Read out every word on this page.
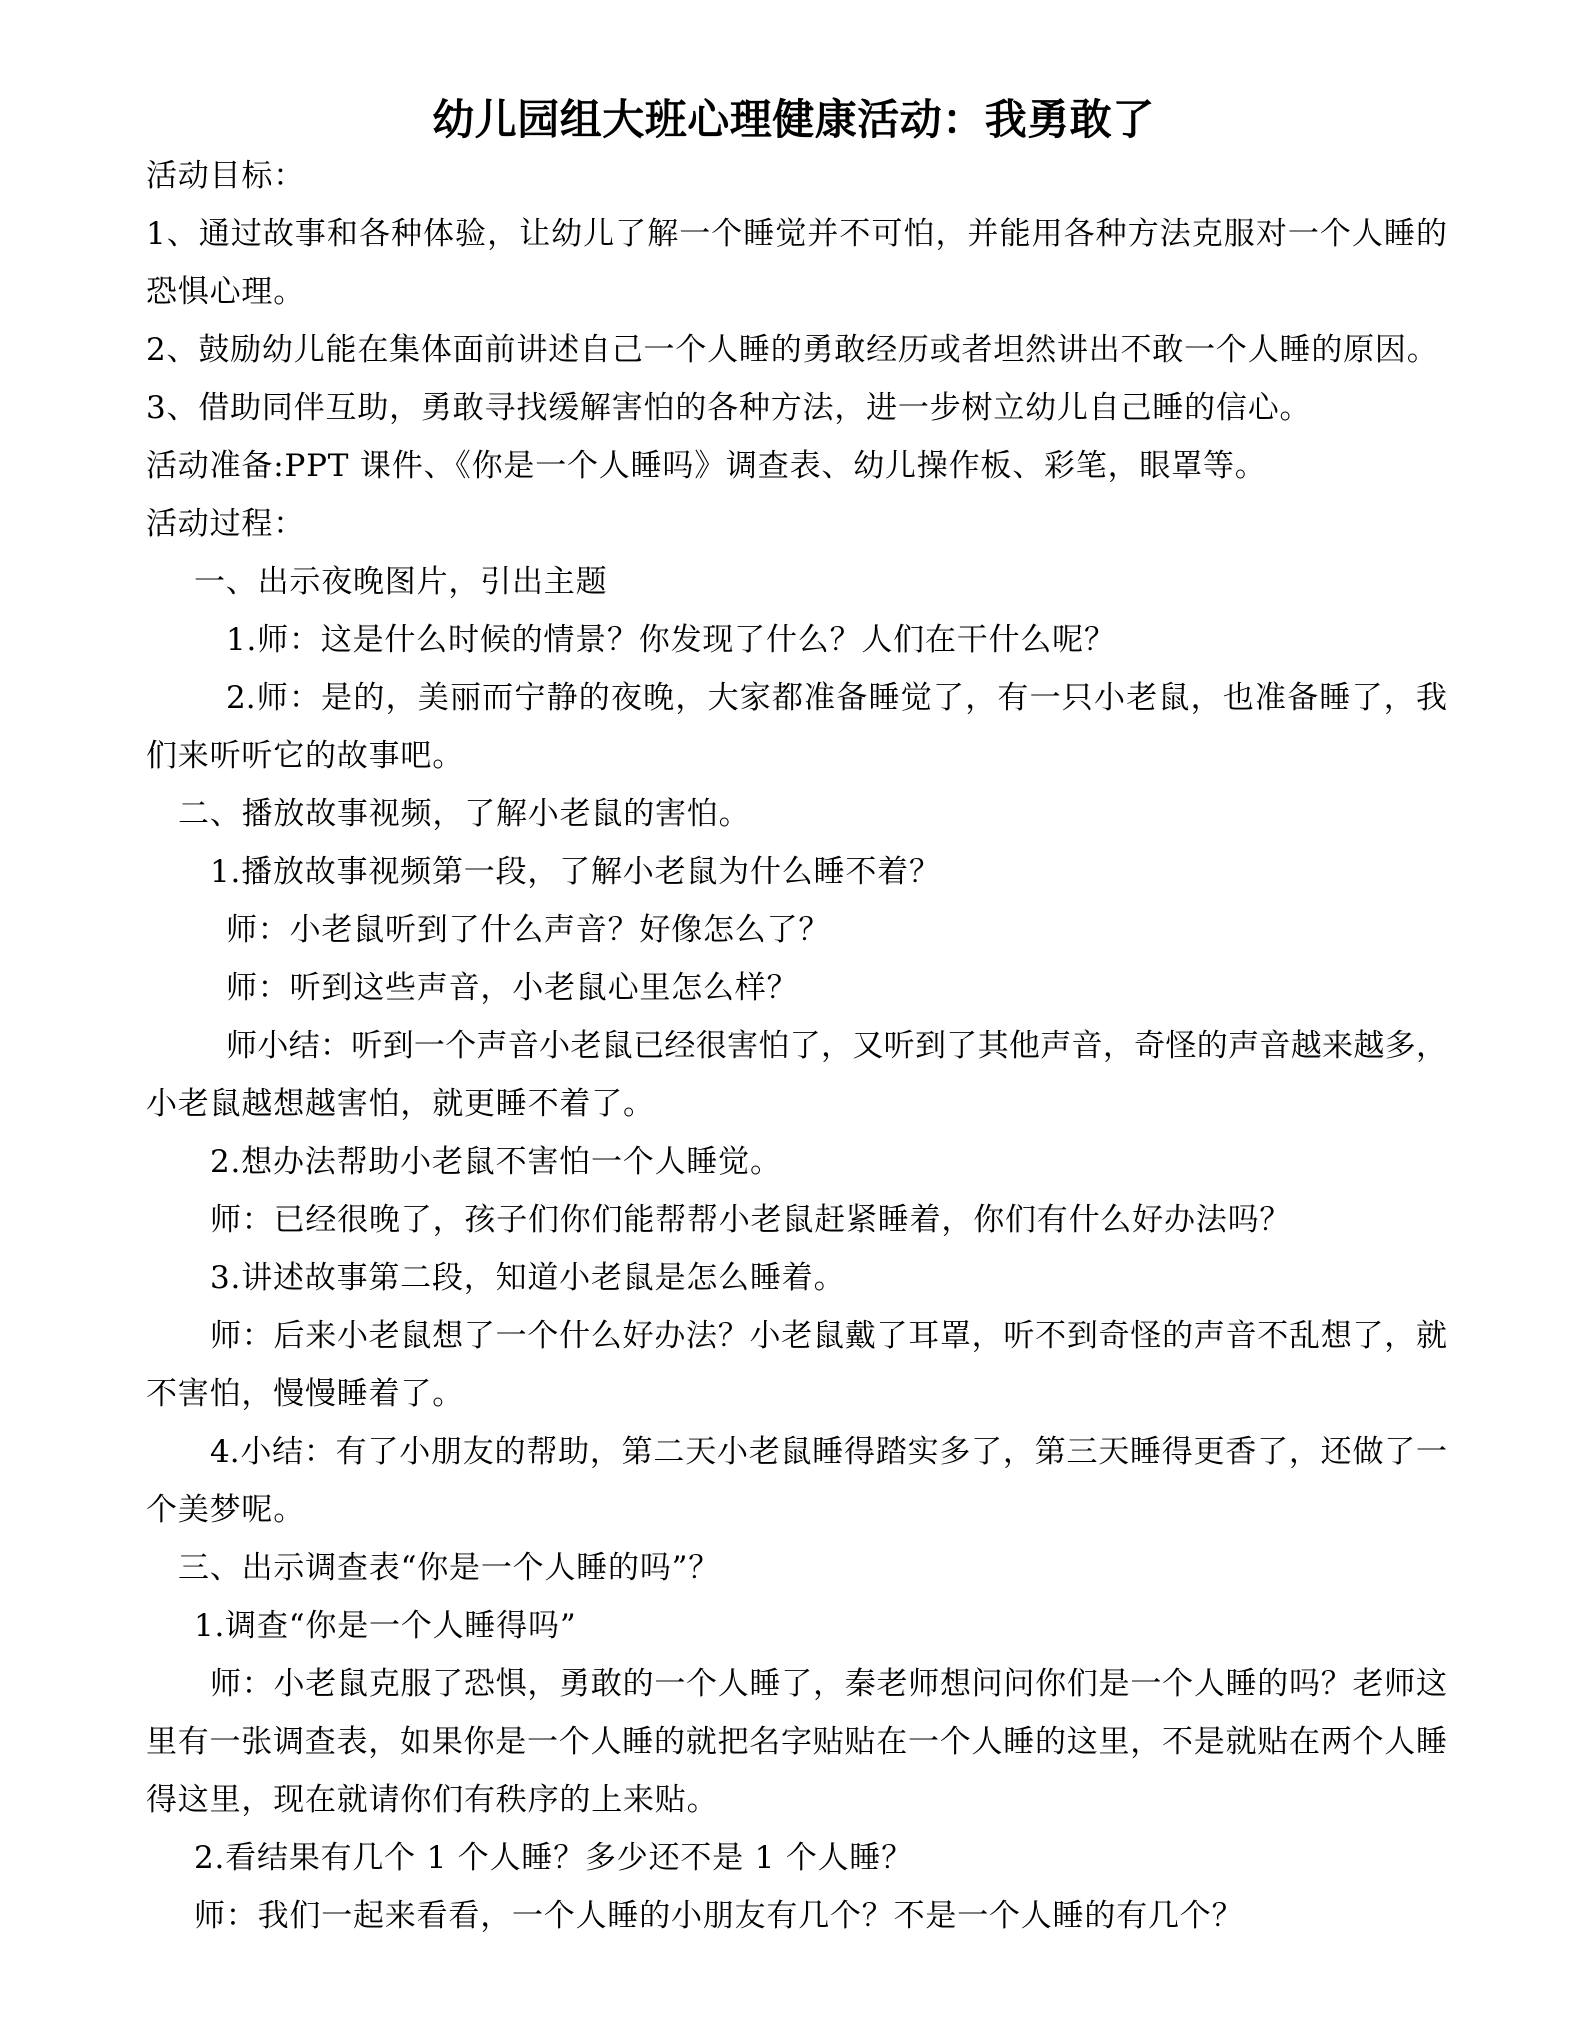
幼儿园组大班心理健康活动：我勇敢了
活动目标：
1、通过故事和各种体验，让幼儿了解一个睡觉并不可怕，并能用各种方法克服对一个人睡的
恐惧心理。
2、鼓励幼儿能在集体面前讲述自己一个人睡的勇敢经历或者坦然讲出不敢一个人睡的原因。
3、借助同伴互助，勇敢寻找缓解害怕的各种方法，进一步树立幼儿自己睡的信心。
活动准备:PPT 课件、《你是一个人睡吗》调查表、幼儿操作板、彩笔，眼罩等。
活动过程：
一、出示夜晚图片，引出主题
1.师：这是什么时候的情景？你发现了什么？人们在干什么呢？
2.师：是的，美丽而宁静的夜晚，大家都准备睡觉了，有一只小老鼠，也准备睡了，我
们来听听它的故事吧。
二、播放故事视频，了解小老鼠的害怕。
1.播放故事视频第一段，了解小老鼠为什么睡不着？
师：小老鼠听到了什么声音？好像怎么了？
师：听到这些声音，小老鼠心里怎么样？
师小结：听到一个声音小老鼠已经很害怕了，又听到了其他声音，奇怪的声音越来越多，
小老鼠越想越害怕，就更睡不着了。
2.想办法帮助小老鼠不害怕一个人睡觉。
师：已经很晚了，孩子们你们能帮帮小老鼠赶紧睡着，你们有什么好办法吗？
3.讲述故事第二段，知道小老鼠是怎么睡着。
师：后来小老鼠想了一个什么好办法？小老鼠戴了耳罩，听不到奇怪的声音不乱想了，就
不害怕，慢慢睡着了。
4.小结：有了小朋友的帮助，第二天小老鼠睡得踏实多了，第三天睡得更香了，还做了一
个美梦呢。
三、出示调查表“你是一个人睡的吗”？
1.调查“你是一个人睡得吗”
师：小老鼠克服了恐惧，勇敢的一个人睡了，秦老师想问问你们是一个人睡的吗？老师这
里有一张调查表，如果你是一个人睡的就把名字贴贴在一个人睡的这里，不是就贴在两个人睡
得这里，现在就请你们有秩序的上来贴。
2.看结果有几个 1 个人睡？多少还不是 1 个人睡？
师：我们一起来看看，一个人睡的小朋友有几个？不是一个人睡的有几个？
